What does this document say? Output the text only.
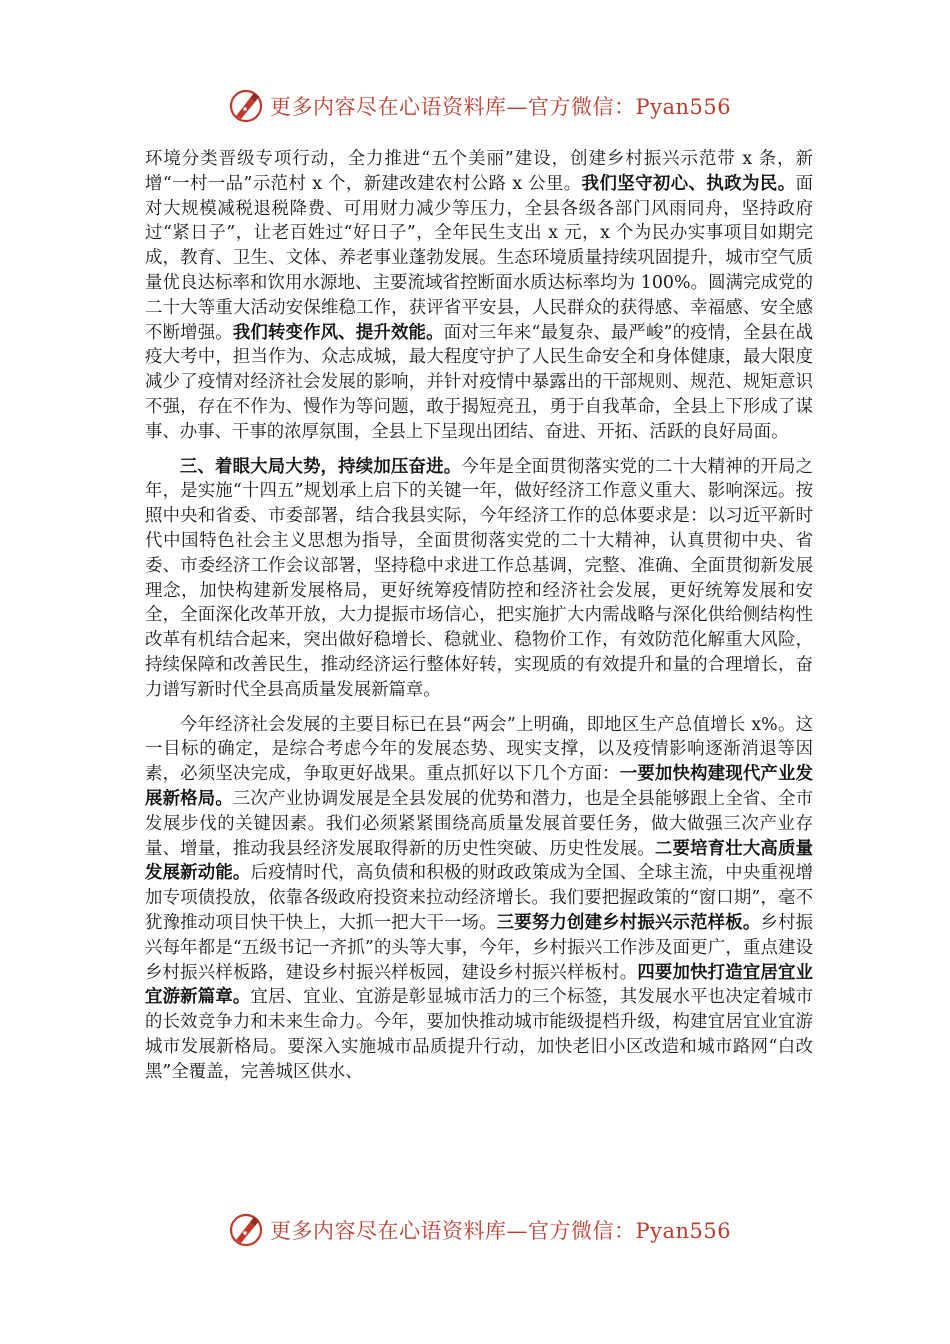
更多内容尽在心语资料库—官方微信：Pyan556

环境分类晋级专项行动，全力推进“五个美丽”建设，创建乡村振兴示范带 x 条，新增“一村一品”示范村 x 个，新建改建农村公路 x 公里。我们坚守初心、执政为民。面对大规模减税退税降费、可用财力减少等压力，全县各级各部门风雨同舟，坚持政府过“紧日子”，让老百姓过“好日子”，全年民生支出 x 元，x 个为民办实事项目如期完成，教育、卫生、文体、养老事业蓬勃发展。生态环境质量持续巩固提升，城市空气质量优良达标率和饮用水源地、主要流域省控断面水质达标率均为 100%。圆满完成党的二十大等重大活动安保维稳工作，获评省平安县，人民群众的获得感、幸福感、安全感不断增强。我们转变作风、提升效能。面对三年来“最复杂、最严峻”的疫情，全县在战疫大考中，担当作为、众志成城，最大程度守护了人民生命安全和身体健康，最大限度减少了疫情对经济社会发展的影响，并针对疫情中暴露出的干部规则、规范、规矩意识不强，存在不作为、慢作为等问题，敢于揭短亮丑，勇于自我革命，全县上下形成了谋事、办事、干事的浓厚氛围，全县上下呈现出团结、奋进、开拓、活跃的良好局面。

三、着眼大局大势，持续加压奋进。今年是全面贯彻落实党的二十大精神的开局之年，是实施“十四五”规划承上启下的关键一年，做好经济工作意义重大、影响深远。按照中央和省委、市委部署，结合我县实际，今年经济工作的总体要求是：以习近平新时代中国特色社会主义思想为指导，全面贯彻落实党的二十大精神，认真贯彻中央、省委、市委经济工作会议部署，坚持稳中求进工作总基调，完整、准确、全面贯彻新发展理念，加快构建新发展格局，更好统筹疫情防控和经济社会发展，更好统筹发展和安全，全面深化改革开放，大力提振市场信心，把实施扩大内需战略与深化供给侧结构性改革有机结合起来，突出做好稳增长、稳就业、稳物价工作，有效防范化解重大风险，持续保障和改善民生，推动经济运行整体好转，实现质的有效提升和量的合理增长，奋力谱写新时代全县高质量发展新篇章。

今年经济社会发展的主要目标已在县“两会”上明确，即地区生产总值增长 x%。这一目标的确定，是综合考虑今年的发展态势、现实支撑，以及疫情影响逐渐消退等因素，必须坚决完成，争取更好战果。重点抓好以下几个方面：一要加快构建现代产业发展新格局。三次产业协调发展是全县发展的优势和潜力，也是全县能够跟上全省、全市发展步伐的关键因素。我们必须紧紧围绕高质量发展首要任务，做大做强三次产业存量、增量，推动我县经济发展取得新的历史性突破、历史性发展。二要培育壮大高质量发展新动能。后疫情时代，高负债和积极的财政政策成为全国、全球主流，中央重视增加专项债投放，依靠各级政府投资来拉动经济增长。我们要把握政策的“窗口期”，毫不犹豫推动项目快干快上，大抓一把大干一场。三要努力创建乡村振兴示范样板。乡村振兴每年都是“五级书记一齐抓”的头等大事，今年，乡村振兴工作涉及面更广，重点建设乡村振兴样板路，建设乡村振兴样板园，建设乡村振兴样板村。四要加快打造宜居宜业宜游新篇章。宜居、宜业、宜游是彰显城市活力的三个标签，其发展水平也决定着城市的长效竞争力和未来生命力。今年，要加快推动城市能级提档升级，构建宜居宜业宜游城市发展新格局。要深入实施城市品质提升行动，加快老旧小区改造和城市路网“白改黑”全覆盖，完善城区供水、

更多内容尽在心语资料库—官方微信：Pyan556
